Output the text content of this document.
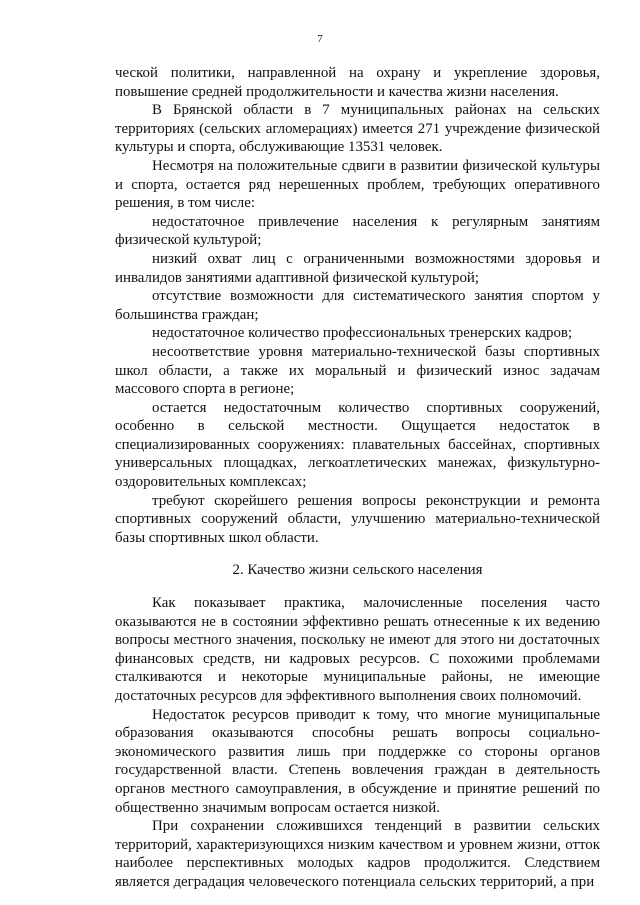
7

ческой политики, направленной на охрану и укрепление здоровья, повышение средней продолжительности и качества жизни населения.

В Брянской области в 7 муниципальных районах на сельских территориях (сельских агломерациях) имеется 271 учреждение физической культуры и спорта, обслуживающие 13531 человек.

Несмотря на положительные сдвиги в развитии физической культуры и спорта, остается ряд нерешенных проблем, требующих оперативного решения, в том числе:

недостаточное привлечение населения к регулярным занятиям физической культурой;

низкий охват лиц с ограниченными возможностями здоровья и инвалидов занятиями адаптивной физической культурой;

отсутствие возможности для систематического занятия спортом у большинства граждан;

недостаточное количество профессиональных тренерских кадров;

несоответствие уровня материально-технической базы спортивных школ области, а также их моральный и физический износ задачам массового спорта в регионе;

остается недостаточным количество спортивных сооружений, особенно в сельской местности. Ощущается недостаток в специализированных сооружениях: плавательных бассейнах, спортивных универсальных площадках, легкоатлетических манежах, физкультурно-оздоровительных комплексах;

требуют скорейшего решения вопросы реконструкции и ремонта спортивных сооружений области, улучшению материально-технической базы спортивных школ области.

2. Качество жизни сельского населения

Как показывает практика, малочисленные поселения часто оказываются не в состоянии эффективно решать отнесенные к их ведению вопросы местного значения, поскольку не имеют для этого ни достаточных финансовых средств, ни кадровых ресурсов. С похожими проблемами сталкиваются и некоторые муниципальные районы, не имеющие достаточных ресурсов для эффективного выполнения своих полномочий.

Недостаток ресурсов приводит к тому, что многие муниципальные образования оказываются способны решать вопросы социально-экономического развития лишь при поддержке со стороны органов государственной власти. Степень вовлечения граждан в деятельность органов местного самоуправления, в обсуждение и принятие решений по общественно значимым вопросам остается низкой.

При сохранении сложившихся тенденций в развитии сельских территорий, характеризующихся низким качеством и уровнем жизни, отток наиболее перспективных молодых кадров продолжится. Следствием является деградация человеческого потенциала сельских территорий, а при
